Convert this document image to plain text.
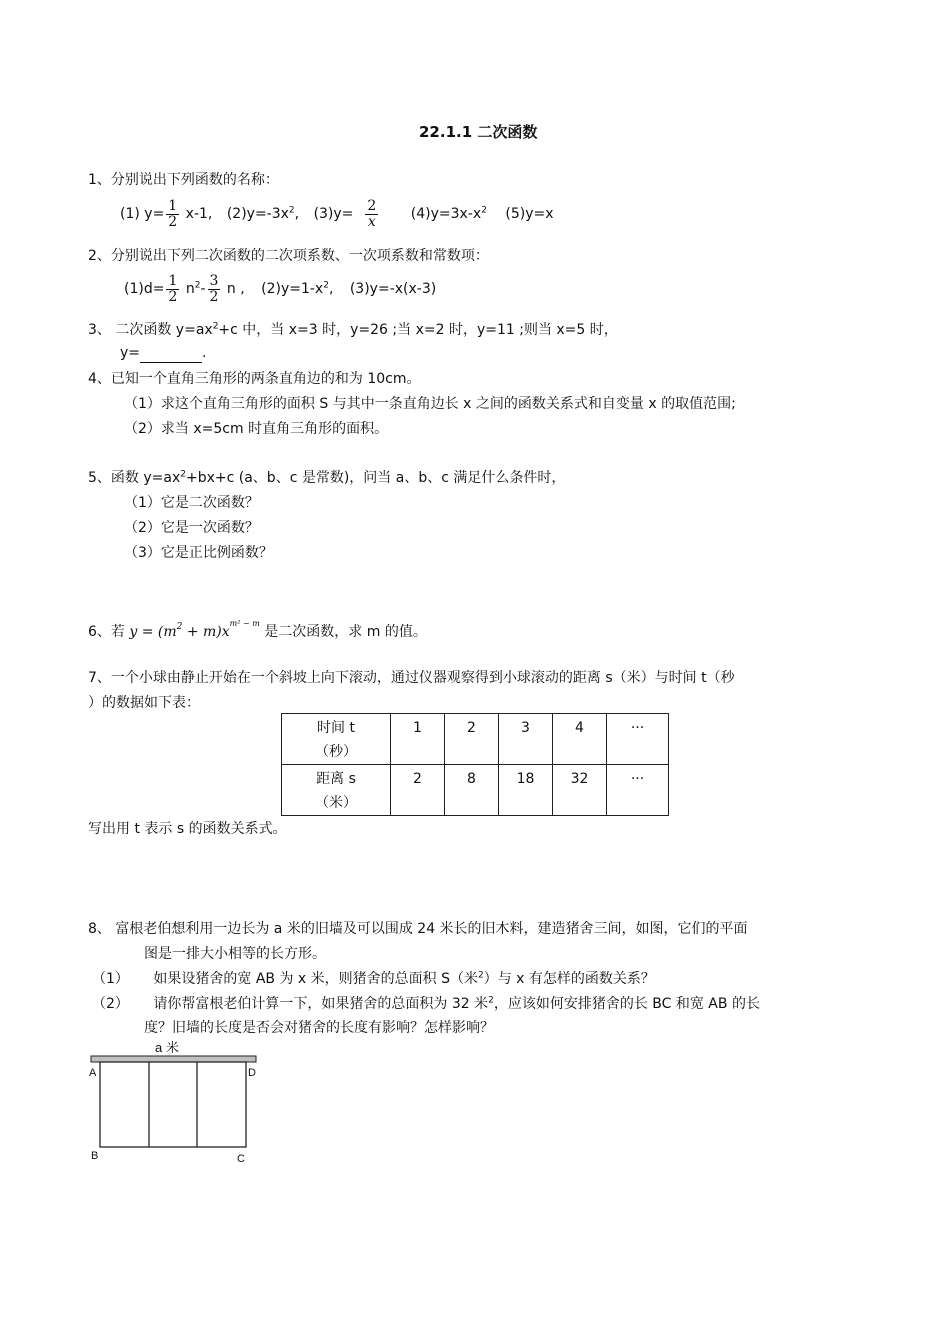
22.1.1 二次函数
1、分别说出下列函数的名称：
(1) $y= \frac{1}{2} x-1$, $(2)y=-3x^2$, $(3)y= \frac{2}{x} (4)y=3x-x^2$ (5)y=x
2、分别说出下列二次函数的二次项系数、一次项系数和常数项：
$(1)d= \frac{1}{2} n^2- \frac{3}{2}$ n , $(2)y=1-x^2$, (3)y=-x(x-3)
3、 二次函数 $y=ax^2+c$ 中，当 x=3 时，y=26 ;当 x=2 时，y=11 ;则当 x=5 时，
y=	.
4、已知一个直角三角形的两条直角边的和为 10cm。
（1）求这个直角三角形的面积 S 与其中一条直角边长 x 之间的函数关系式和自变量 x 的取值范围;
（2）求当 x=5cm 时直角三角形的面积。
5、函数 $y=ax^2+bx+c$ (a、b、c 是常数)，问当 a、b、c 满足什么条件时，
（1）它是二次函数？
（2）它是一次函数？
（3）它是正比例函数？
6、若 $y = (m^2 + m)x^{m^2 - m}$ 是二次函数，求 m 的值。
7、一个小球由静止开始在一个斜坡上向下滚动，通过仪器观察得到小球滚动的距离 s（米）与时间 t（秒
）的数据如下表：
时间 t
（秒）	1	2	3	4	···

距离 s
（米）	2	8	18	32	···
写出用 t 表示 s 的函数关系式。
8、 富根老伯想利用一边长为 a 米的旧墙及可以围成 24 米长的旧木料，建造猪舍三间，如图，它们的平面
图是一排大小相等的长方形。
（1） 如果设猪舍的宽 AB 为 x 米，则猪舍的总面积 S（米$^2$）与 x 有怎样的函数关系？
（2） 请你帮富根老伯计算一下，如果猪舍的总面积为 32 米$^2$，应该如何安排猪舍的长 BC 和宽 AB 的长
度？旧墙的长度是否会对猪舍的长度有影响？怎样影响？
a 米
A	D
B	C
